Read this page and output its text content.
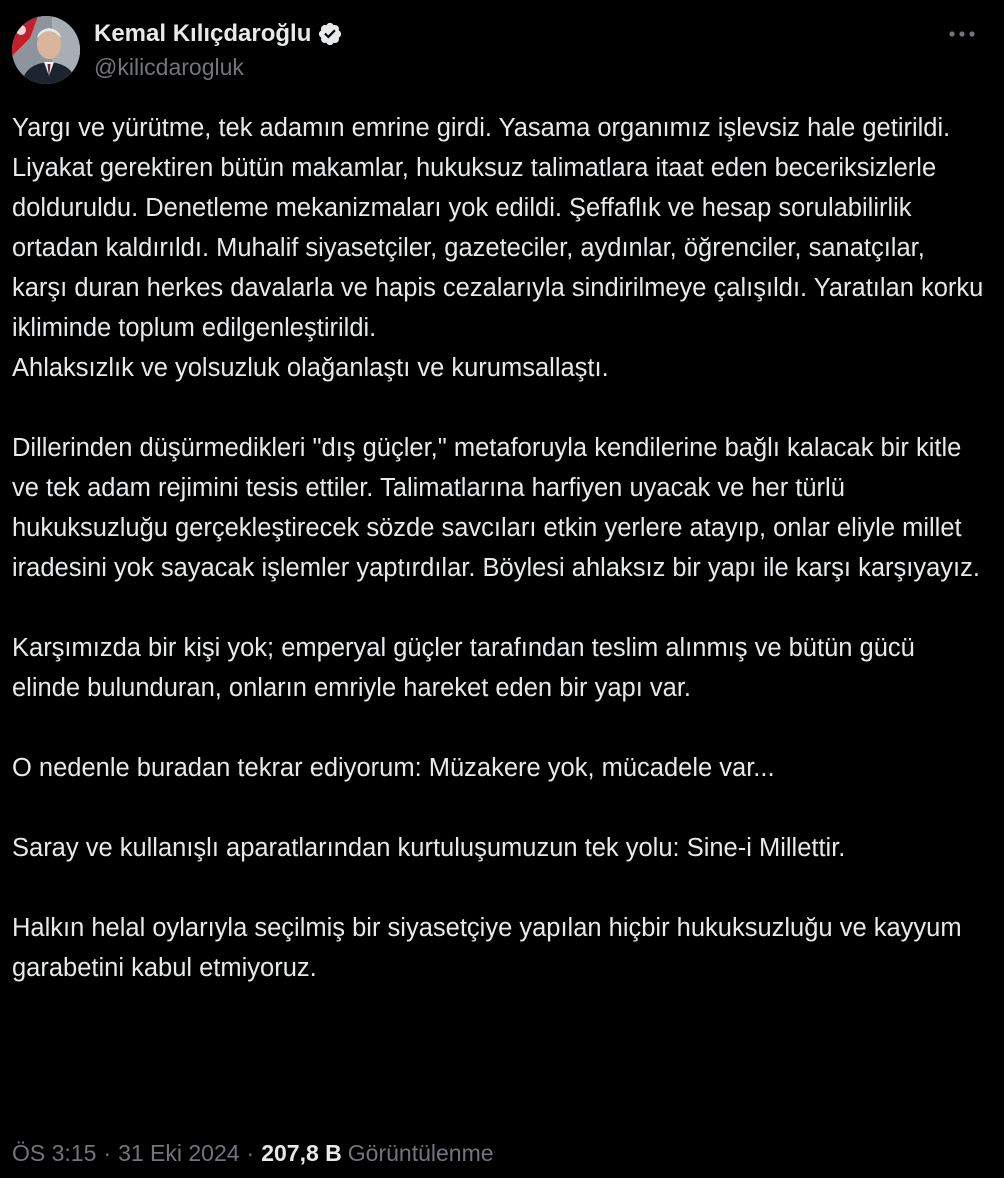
Kemal Kılıçdaroğlu
@kilicdarogluk

Yargı ve yürütme, tek adamın emrine girdi. Yasama organımız işlevsiz hale getirildi. Liyakat gerektiren bütün makamlar, hukuksuz talimatlara itaat eden beceriksizlerle dolduruldu. Denetleme mekanizmaları yok edildi. Şeffaflık ve hesap sorulabilirlik ortadan kaldırıldı. Muhalif siyasetçiler, gazeteciler, aydınlar, öğrenciler, sanatçılar, karşı duran herkes davalarla ve hapis cezalarıyla sindirilmeye çalışıldı. Yaratılan korku ikliminde toplum edilgenleştirildi.
Ahlaksızlık ve yolsuzluk olağanlaştı ve kurumsallaştı.

Dillerinden düşürmedikleri "dış güçler," metaforuyla kendilerine bağlı kalacak bir kitle ve tek adam rejimini tesis ettiler. Talimatlarına harfiyen uyacak ve her türlü hukuksuzluğu gerçekleştirecek sözde savcıları etkin yerlere atayıp, onlar eliyle millet iradesini yok sayacak işlemler yaptırdılar. Böylesi ahlaksız bir yapı ile karşı karşıyayız.

Karşımızda bir kişi yok; emperyal güçler tarafından teslim alınmış ve bütün gücü elinde bulunduran, onların emriyle hareket eden bir yapı var.

O nedenle buradan tekrar ediyorum: Müzakere yok, mücadele var...

Saray ve kullanışlı aparatlarından kurtuluşumuzun tek yolu: Sine-i Millettir.

Halkın helal oylarıyla seçilmiş bir siyasetçiye yapılan hiçbir hukuksuzluğu ve kayyum garabetini kabul etmiyoruz.

ÖS 3:15 · 31 Eki 2024 · 207,8 B Görüntülenme
